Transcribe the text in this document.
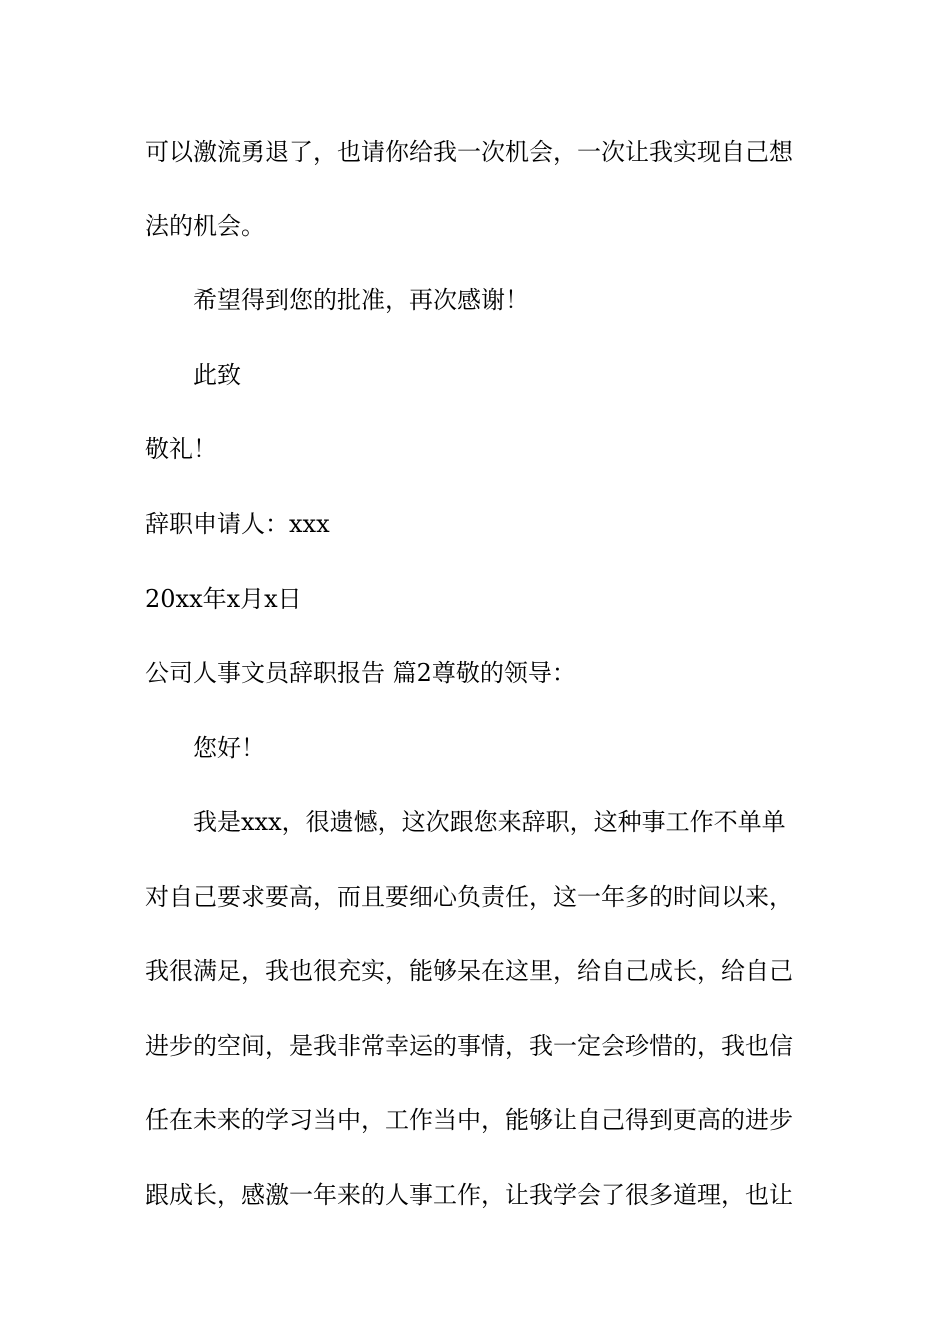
可以激流勇退了，也请你给我一次机会，一次让我实现自己想
法的机会。
希望得到您的批准，再次感谢！
此致
敬礼！
辞职申请人：xxx
20xx年x月x日
公司人事文员辞职报告 篇2尊敬的领导：
您好！
我是xxx，很遗憾，这次跟您来辞职，这种事工作不单单
对自己要求要高，而且要细心负责任，这一年多的时间以来，
我很满足，我也很充实，能够呆在这里，给自己成长，给自己
进步的空间，是我非常幸运的事情，我一定会珍惜的，我也信
任在未来的学习当中，工作当中，能够让自己得到更高的进步
跟成长，感激一年来的人事工作，让我学会了很多道理，也让
